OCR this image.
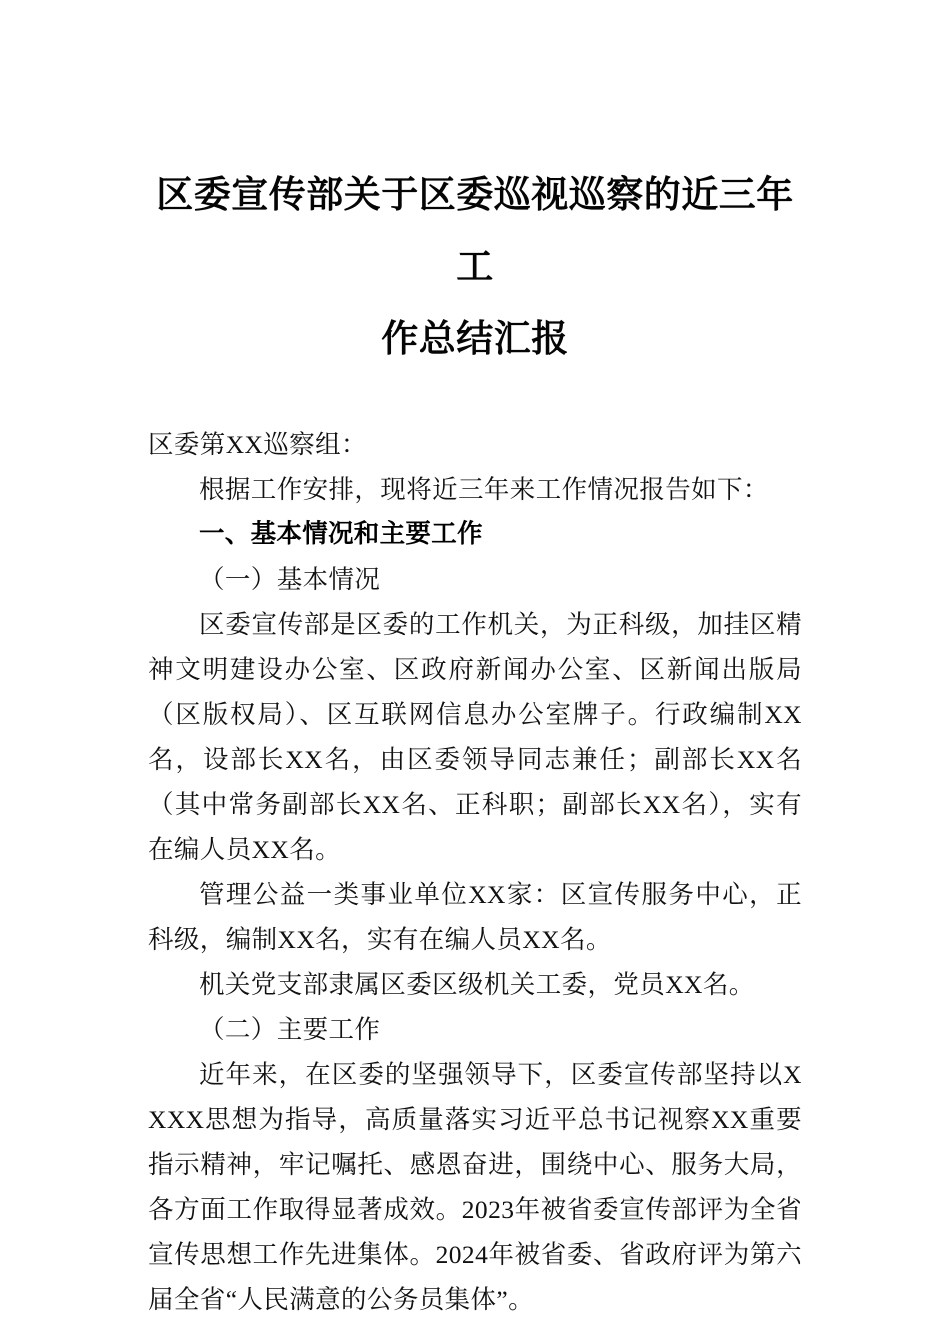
区委宣传部关于区委巡视巡察的近三年工
作总结汇报

区委第XX巡察组：

根据工作安排，现将近三年来工作情况报告如下：

一、基本情况和主要工作

（一）基本情况

区委宣传部是区委的工作机关，为正科级，加挂区精神文明建设办公室、区政府新闻办公室、区新闻出版局（区版权局）、区互联网信息办公室牌子。行政编制XX名，设部长XX名，由区委领导同志兼任；副部长XX名（其中常务副部长XX名、正科职；副部长XX名），实有在编人员XX名。

管理公益一类事业单位XX家：区宣传服务中心，正科级，编制XX名，实有在编人员XX名。

机关党支部隶属区委区级机关工委，党员XX名。

（二）主要工作

近年来，在区委的坚强领导下，区委宣传部坚持以XXXX思想为指导，高质量落实习近平总书记视察XX重要指示精神，牢记嘱托、感恩奋进，围绕中心、服务大局，各方面工作取得显著成效。2023年被省委宣传部评为全省宣传思想工作先进集体。2024年被省委、省政府评为第六届全省“人民满意的公务员集体”。
